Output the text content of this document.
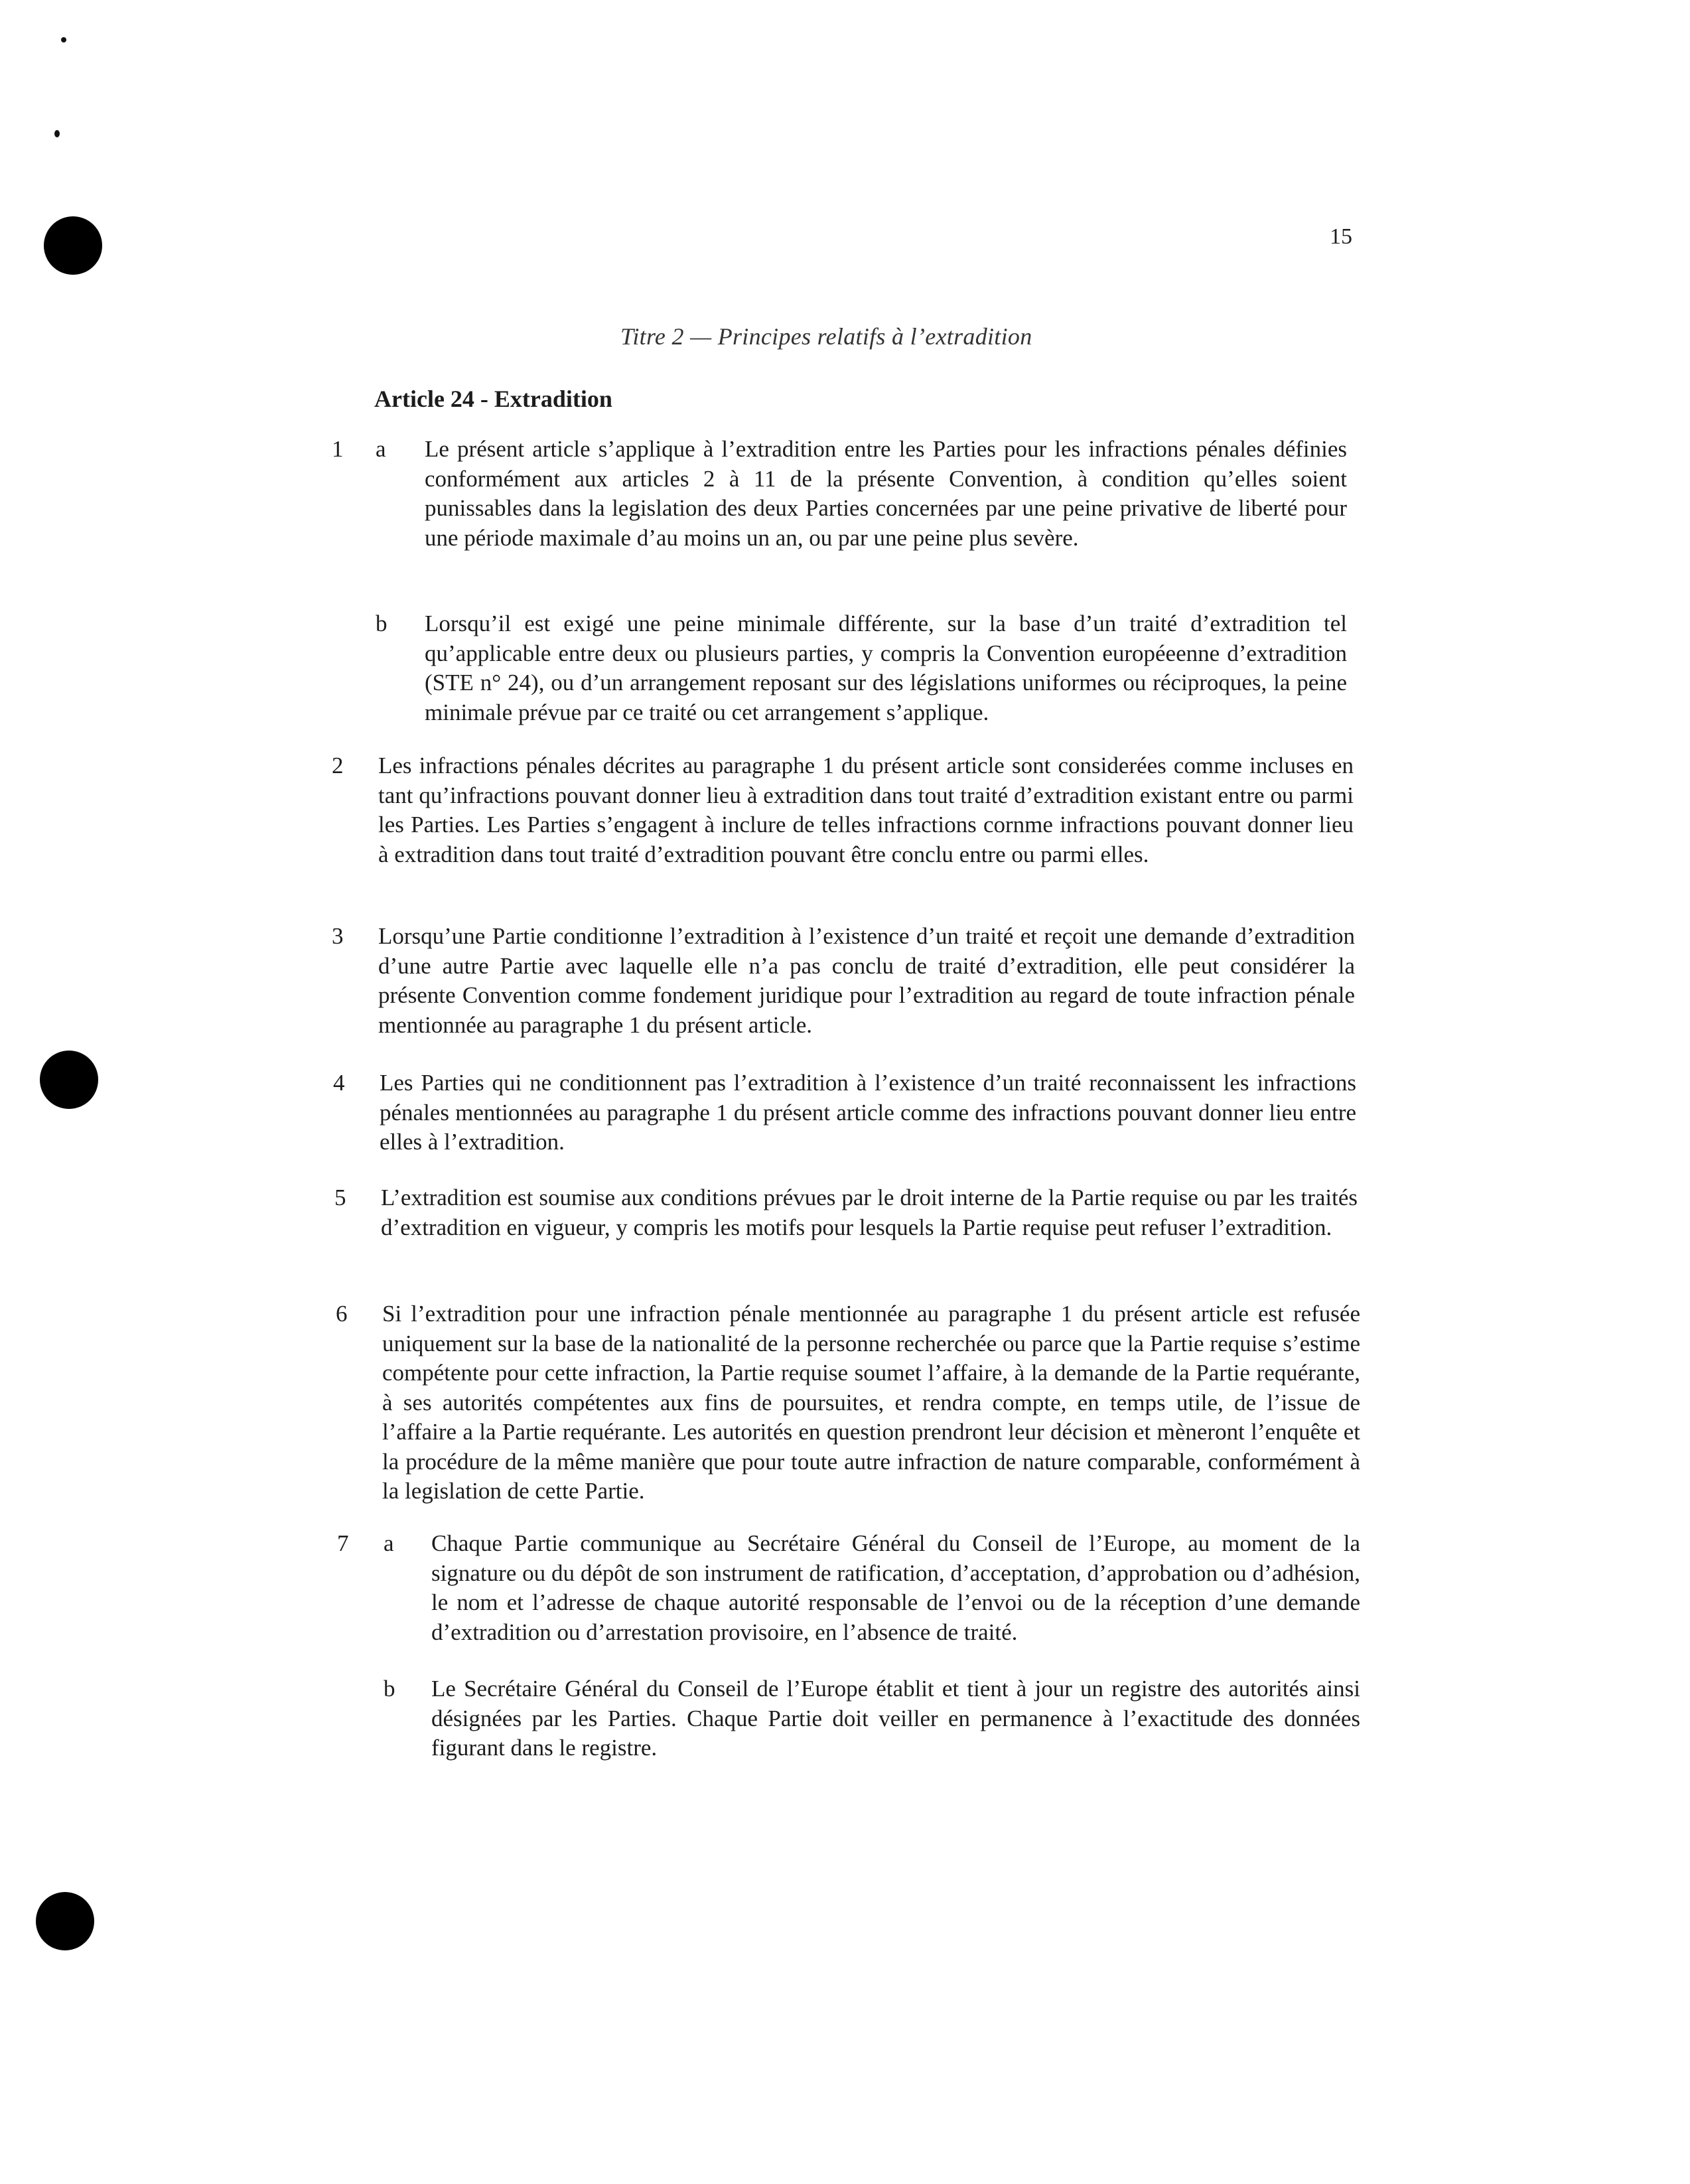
15
Titre 2 — Principes relatifs à l’extradition
Article 24 - Extradition
1 a Le présent article s’applique à l’extradition entre les Parties pour les infractions pénales définies conformément aux articles 2 à 11 de la présente Convention, à condition qu’elles soient punissables dans la legislation des deux Parties concernées par une peine privative de liberté pour une période maximale d’au moins un an, ou par une peine plus sevère.
b Lorsqu’il est exigé une peine minimale différente, sur la base d’un traité d’extradition tel qu’applicable entre deux ou plusieurs parties, y compris la Convention européeenne d’extradition (STE n° 24), ou d’un arrangement reposant sur des législations uniformes ou réciproques, la peine minimale prévue par ce traité ou cet arrangement s’applique.
2 Les infractions pénales décrites au paragraphe 1 du présent article sont considerées comme incluses en tant qu’infractions pouvant donner lieu à extradition dans tout traité d’extradition existant entre ou parmi les Parties. Les Parties s’engagent à inclure de telles infractions cornme infractions pouvant donner lieu à extradition dans tout traité d’extradition pouvant être conclu entre ou parmi elles.
3 Lorsqu’une Partie conditionne l’extradition à l’existence d’un traité et reçoit une demande d’extradition d’une autre Partie avec laquelle elle n’a pas conclu de traité d’extradition, elle peut considérer la présente Convention comme fondement juridique pour l’extradition au regard de toute infraction pénale mentionnée au paragraphe 1 du présent article.
4 Les Parties qui ne conditionnent pas l’extradition à l’existence d’un traité reconnaissent les infractions pénales mentionnées au paragraphe 1 du présent article comme des infractions pouvant donner lieu entre elles à l’extradition.
5 L’extradition est soumise aux conditions prévues par le droit interne de la Partie requise ou par les traités d’extradition en vigueur, y compris les motifs pour lesquels la Partie requise peut refuser l’extradition.
6 Si l’extradition pour une infraction pénale mentionnée au paragraphe 1 du présent article est refusée uniquement sur la base de la nationalité de la personne recherchée ou parce que la Partie requise s’estime compétente pour cette infraction, la Partie requise soumet l’affaire, à la demande de la Partie requérante, à ses autorités compétentes aux fins de poursuites, et rendra compte, en temps utile, de l’issue de l’affaire a la Partie requérante. Les autorités en question prendront leur décision et mèneront l’enquête et la procédure de la même manière que pour toute autre infraction de nature comparable, conformément à la legislation de cette Partie.
7 a Chaque Partie communique au Secrétaire Général du Conseil de l’Europe, au moment de la signature ou du dépôt de son instrument de ratification, d’acceptation, d’approbation ou d’adhésion, le nom et l’adresse de chaque autorité responsable de l’envoi ou de la réception d’une demande d’extradition ou d’arrestation provisoire, en l’absence de traité.
b Le Secrétaire Général du Conseil de l’Europe établit et tient à jour un registre des autorités ainsi désignées par les Parties. Chaque Partie doit veiller en permanence à l’exactitude des données figurant dans le registre.
